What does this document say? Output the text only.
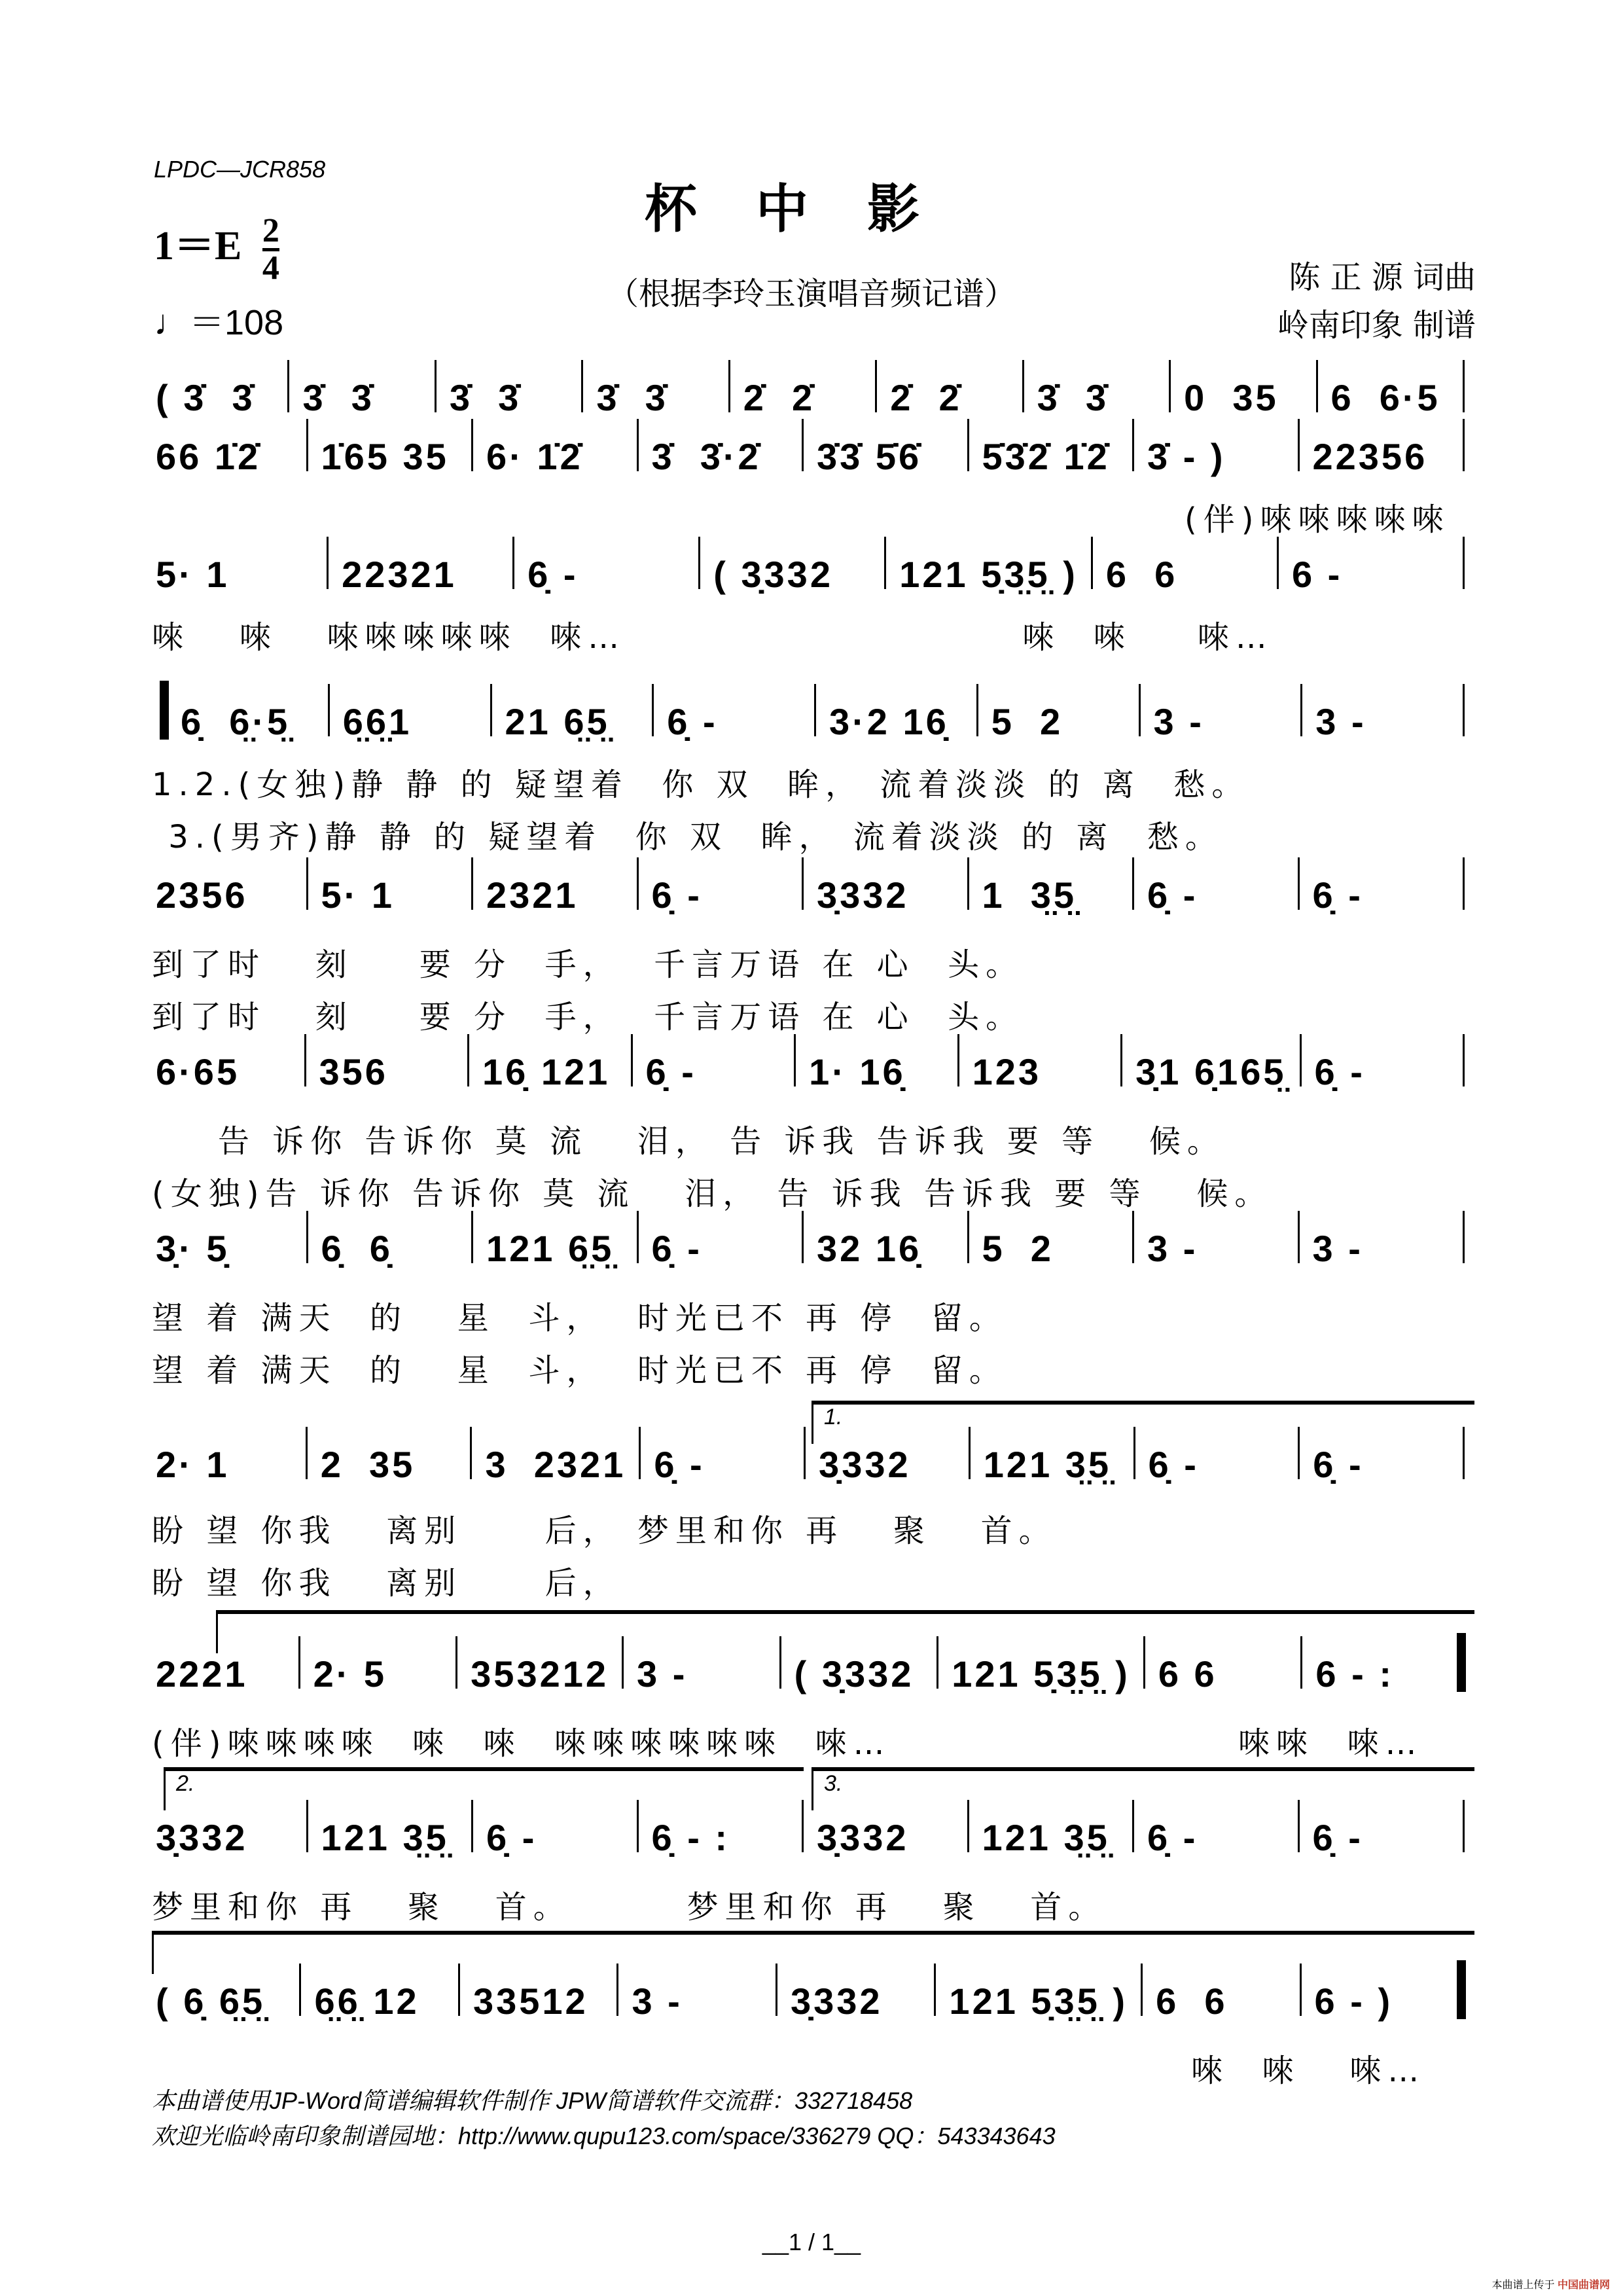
LPDC—JCR858
杯中影
$1=E \frac{2}{4}$
♩＝108
（根据李玲玉演唱音频记谱）	陈 正 源 词曲
岭南印象 制谱
( 3̇  3̇	3̇  3̇	3̇  3̇	3̇  3̇	2̇  2̇	2̇  2̇	3̇  3̇	0  35	6  6·5
66 1̇2̇	1̇65 35	6· 1̇2̇	3̇  3̇·2̇	3̇3̇ 5̇6̇	5̇3̇2̇ 1̇2̇	3̇ - )	22356
5· 1	22321	6̣ -	( 3̣332	121 5̣3̤5̤ ) 6  6	6 -
6̣  6̤·5̤	6̤6̤1	21 6̤5̤	6̣ -	3·2 16̣	5  2	3 -	3 -
2356	5· 1	2321	6̣ -	3̣332	1  3̤5̤	6̣ -	6̣ -
6·65	356	16̣ 121 6̣ -	1· 16̣	123	3̣1 6̣165̤ 6̣ -
3̣· 5̣	6̣  6̣	121 6̤5̤	6̣ -	32 16̣	5  2	3 -	3 -
2· 1	2  35	3  2321 6̣ -	3̣332	121 3̤5̤	6̣ -	6̣ -
2221	2· 5	353212 3 -	( 3̣332	121 5̣3̤5̤ ) 6 6	6 - :
3̣332	121 3̤5̤	6̣ -	6̣ - :	3̣332	121 3̤5̤	6̣ -	6̣ -
( 6̣ 6̤5̤	6̤6̤ 12	33512	3 -	3̣332	121 5̣3̤5̤ ) 6  6	6 - )
(伴)唻唻唻唻唻
唻   唻   唻唻唻唻唻  唻…                        唻  唻    唻…
1.2.(女独)静 静 的 疑望着  你 双  眸， 流着淡淡 的 离  愁。
3.(男齐)静 静 的 疑望着  你 双  眸， 流着淡淡 的 离  愁。
到了时   刻    要 分  手，  千言万语 在 心  头。
到了时   刻    要 分  手，  千言万语 在 心  头。
告 诉你 告诉你 莫 流   泪， 告 诉我 告诉我 要 等   候。
(女独)告 诉你 告诉你 莫 流   泪， 告 诉我 告诉我 要 等   候。
望 着 满天  的   星  斗，  时光已不 再 停  留。
望 着 满天  的   星  斗，  时光已不 再 停  留。
盼 望 你我   离别     后， 梦里和你 再   聚   首。
盼 望 你我   离别     后，
(伴)唻唻唻唻  唻  唻  唻唻唻唻唻唻  唻…                     唻唻  唻…
梦里和你 再   聚   首。       梦里和你 再   聚   首。
唻  唻   唻…
1.
2.	3.
本曲谱使用JP-Word简谱编辑软件制作 JPW简谱软件交流群：332718458
欢迎光临岭南印象制谱园地：http://www.qupu123.com/space/336279 QQ：543343643
__1 / 1__
本曲谱上传于 中国曲谱网
